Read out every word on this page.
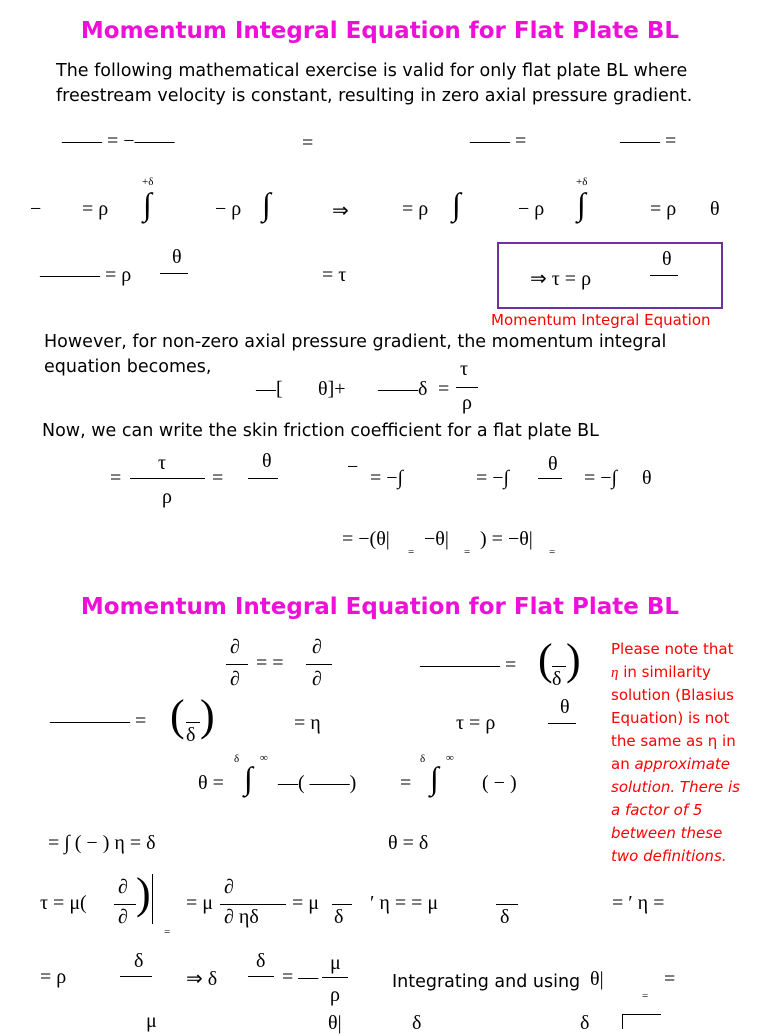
Momentum Integral Equation for Flat Plate BL
The following mathematical exercise is valid for only flat plate BL where
freestream velocity is constant, resulting in zero axial pressure gradient.
—— = −——	=	—— =	—— =
− = ρ
+δ
∫	− ρ ∫	⇒	= ρ ∫	− ρ
+δ
∫	= ρ θ
——— = ρ
θ
= τ	⇒ τ = ρ
θ
Momentum Integral Equation
However, for non-zero axial pressure gradient, the momentum integral
equation becomes,
—[ θ]+ ——δ =
τ
ρ
Now, we can write the skin friction coefficient for a flat plate BL
=
τ
ρ
=
θ	− = −∫	= −∫
θ
= −∫ θ
= −(θ|
=
−θ|
=
) = −θ|
=
Momentum Integral Equation for Flat Plate BL
∂
∂
= =
∂
∂
———— = ( δ )
———— = ( δ )	= η	τ = ρ
θ
θ =
δ
∫
∞
—( ——) =
δ
∫
∞
( − )
= ∫ ( − ) η = δ	θ = δ
τ = μ(
∂
∂ )
=
= μ
∂
∂ ηδ
= μ
δ
′ η = = μ
δ
= ′ η =
= ρ
δ
⇒ δ
δ
= —
μ
ρ
Integrating and using θ|
=
=
μ	θ|	δ	δ
Please note that
η in similarity
solution (Blasius
Equation) is not
the same as η in
an approximate
solution. There is
a factor of 5
between these
two definitions.
